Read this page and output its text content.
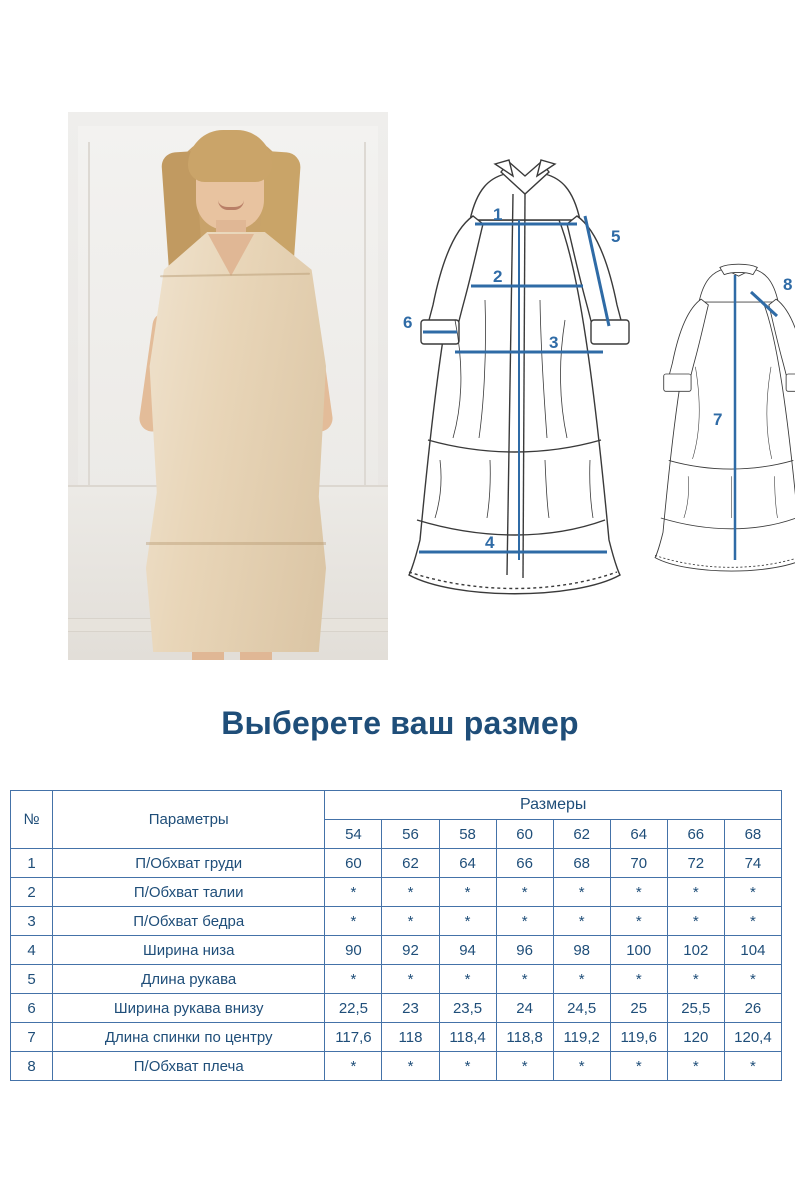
1
2
3
4
5
6
7
8
Выберете ваш размер
№	Параметры	Размеры							
		54	56	58	60	62	64	66	68
1	П/Обхват груди	60	62	64	66	68	70	72	74
2	П/Обхват талии	*	*	*	*	*	*	*	*
3	П/Обхват бедра	*	*	*	*	*	*	*	*
4	Ширина низа	90	92	94	96	98	100	102	104
5	Длина рукава	*	*	*	*	*	*	*	*
6	Ширина рукава внизу	22,5	23	23,5	24	24,5	25	25,5	26
7	Длина спинки по центру	117,6	118	118,4	118,8	119,2	119,6	120	120,4
8	П/Обхват плеча	*	*	*	*	*	*	*	*
